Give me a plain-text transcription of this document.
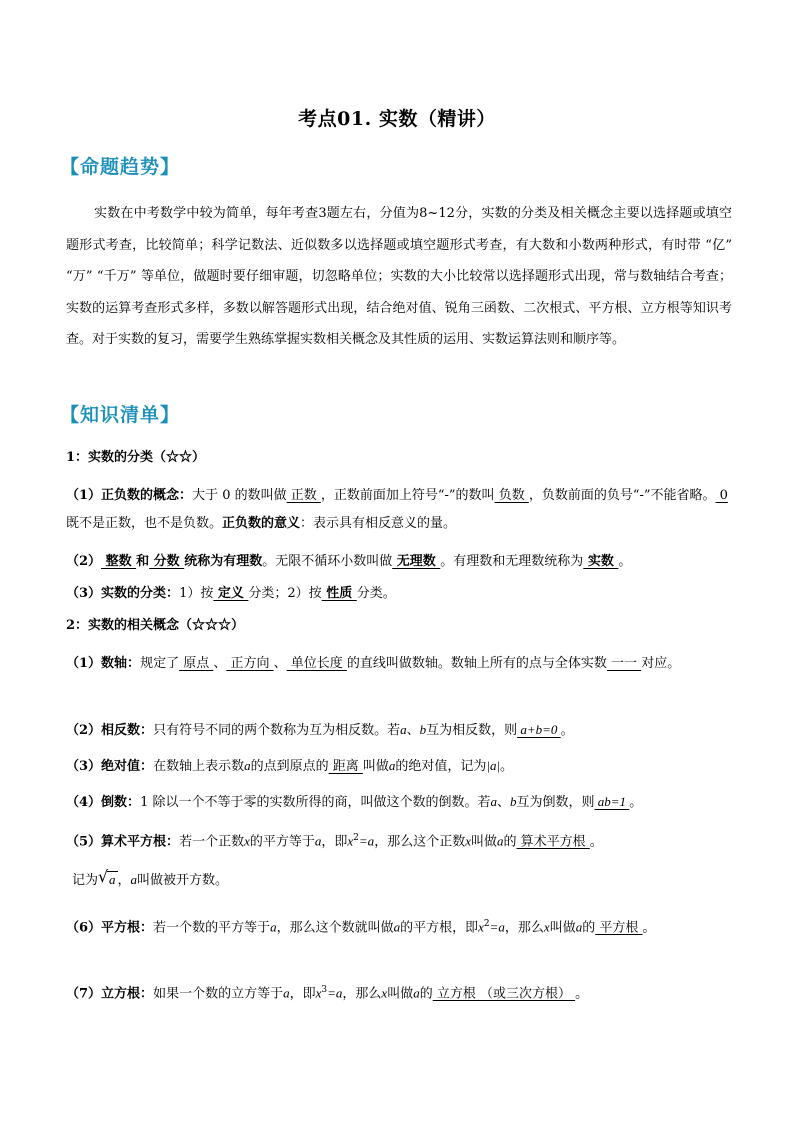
考点01. 实数（精讲）
【命题趋势】
实数在中考数学中较为简单，每年考查3题左右，分值为8~12分，实数的分类及相关概念主要以选择题或填空题形式考查，比较简单；科学记数法、近似数多以选择题或填空题形式考查，有大数和小数两种形式，有时带 “亿” “万” “千万” 等单位，做题时要仔细审题，切忽略单位；实数的大小比较常以选择题形式出现，常与数轴结合考查；实数的运算考查形式多样，多数以解答题形式出现，结合绝对值、锐角三函数、二次根式、平方根、立方根等知识考查。对于实数的复习，需要学生熟练掌握实数相关概念及其性质的运用、实数运算法则和顺序等。
【知识清单】
1：实数的分类（☆☆）
（1）正负数的概念：大于 0 的数叫做 正数 ，正数前面加上符号“-”的数叫 负数 ，负数前面的负号“-”不能省略。 0 既不是正数，也不是负数。正负数的意义：表示具有相反意义的量。
（2） 整数 和 分数 统称为有理数。无限不循环小数叫做 无理数 。有理数和无理数统称为 实数 。
（3）实数的分类：1）按 定义 分类；2）按 性质 分类。
2：实数的相关概念（☆☆☆）
（1）数轴：规定了 原点 、 正方向 、 单位长度 的直线叫做数轴。数轴上所有的点与全体实数 一一 对应。
（2）相反数：只有符号不同的两个数称为互为相反数。若a、b互为相反数，则 a+b=0 。
（3）绝对值：在数轴上表示数a的点到原点的 距离 叫做a的绝对值，记为|a|。
（4）倒数：1 除以一个不等于零的实数所得的商，叫做这个数的倒数。若a、b互为倒数，则 ab=1 。
（5）算术平方根：若一个正数x的平方等于a，即$x^2=a$，那么这个正数x叫做a的 算术平方根 。
记为 √ a ，a叫做被开方数。
（6）平方根：若一个数的平方等于a，那么这个数就叫做a的平方根，即$x^2=a$，那么x叫做a的 平方根 。
（7）立方根：如果一个数的立方等于a，即$x^3=a$，那么x叫做a的 立方根 （或三次方根） 。
